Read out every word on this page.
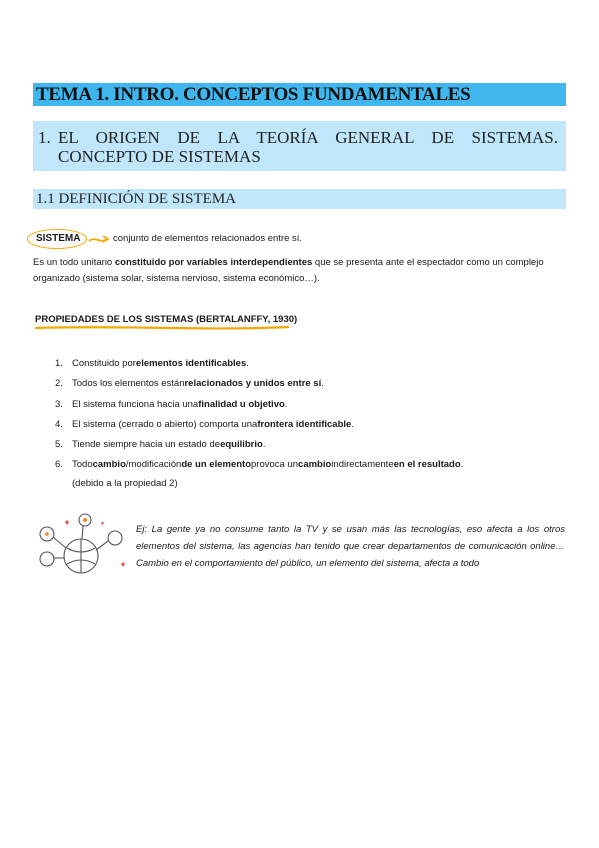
TEMA 1. INTRO. CONCEPTOS FUNDAMENTALES
1. EL ORIGEN DE LA TEORÍA GENERAL DE SISTEMAS.
CONCEPTO DE SISTEMAS
1.1 DEFINICIÓN DE SISTEMA
SISTEMA	conjunto de elementos relacionados entre sí.
Es un todo unitario constituido por variables interdependientes que se presenta ante el espectador como un complejo organizado (sistema solar, sistema nervioso, sistema económico…).
PROPIEDADES DE LOS SISTEMAS (BERTALANFFY, 1930)
1. Constituido por elementos identificables .
2. Todos los elementos están relacionados y unidos entre sí .
3. El sistema funciona hacia una finalidad u objetivo .
4. El sistema (cerrado o abierto) comporta una frontera identificable .
5. Tiende siempre hacia un estado de equilibrio .
6. Todo cambio /modificación de un elemento provoca un cambio indirectamente en el resultado .
(debido a la propiedad 2)
Ej: La gente ya no consume tanto la TV y se usan más las tecnologías, eso afecta a los otros elementos del sistema, las agencias han tenido que crear departamentos de comunicación online… Cambio en el comportamiento del público, un elemento del sistema, afecta a todo
